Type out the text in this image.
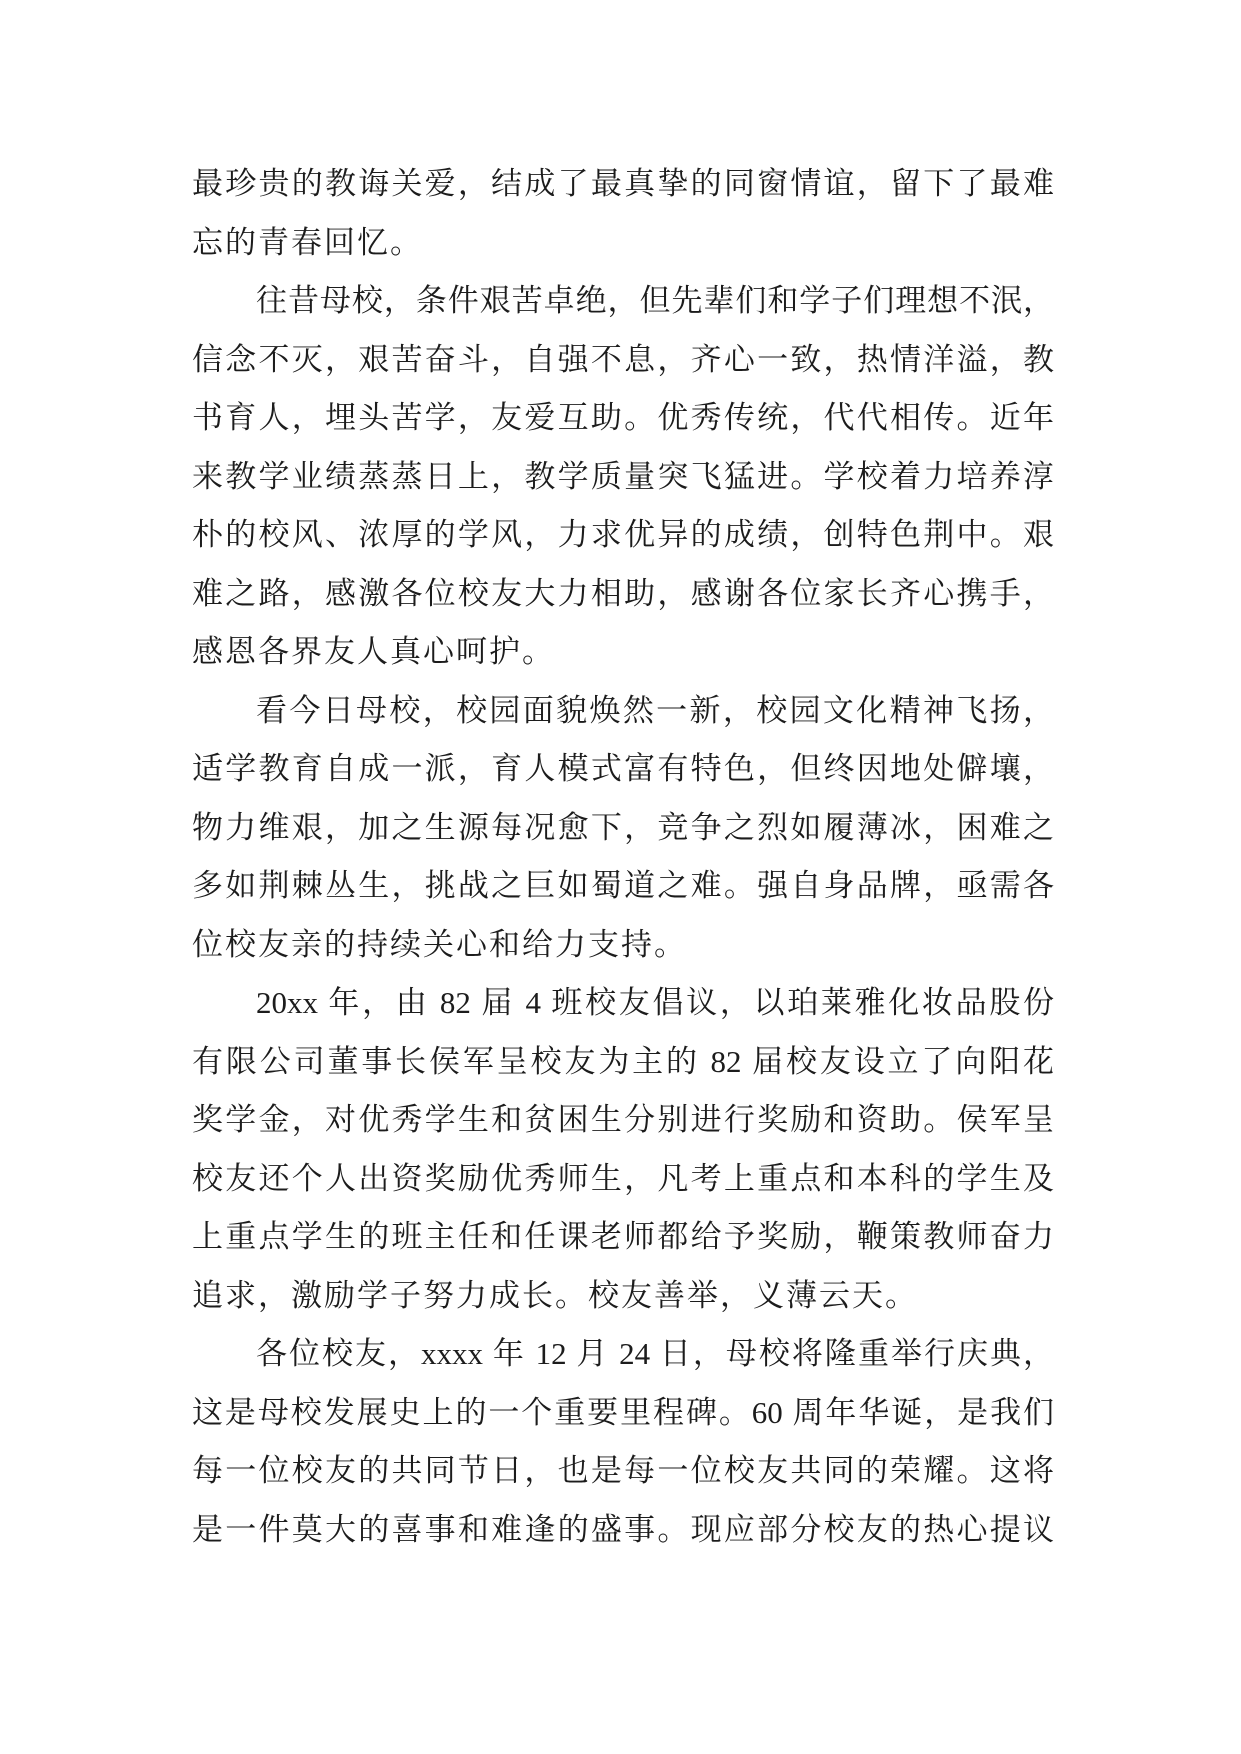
最珍贵的教诲关爱，结成了最真挚的同窗情谊，留下了最难
忘的青春回忆。
往昔母校，条件艰苦卓绝，但先辈们和学子们理想不泯，
信念不灭，艰苦奋斗，自强不息，齐心一致，热情洋溢，教
书育人，埋头苦学，友爱互助。优秀传统，代代相传。近年
来教学业绩蒸蒸日上，教学质量突飞猛进。学校着力培养淳
朴的校风、浓厚的学风，力求优异的成绩，创特色荆中。艰
难之路，感激各位校友大力相助，感谢各位家长齐心携手，
感恩各界友人真心呵护。
看今日母校，校园面貌焕然一新，校园文化精神飞扬，
适学教育自成一派，育人模式富有特色，但终因地处僻壤，
物力维艰，加之生源每况愈下，竞争之烈如履薄冰，困难之
多如荆棘丛生，挑战之巨如蜀道之难。强自身品牌，亟需各
位校友亲的持续关心和给力支持。
20xx 年，由 82 届 4 班校友倡议，以珀莱雅化妆品股份
有限公司董事长侯军呈校友为主的 82 届校友设立了向阳花
奖学金，对优秀学生和贫困生分别进行奖励和资助。侯军呈
校友还个人出资奖励优秀师生，凡考上重点和本科的学生及
上重点学生的班主任和任课老师都给予奖励，鞭策教师奋力
追求，激励学子努力成长。校友善举，义薄云天。
各位校友，xxxx 年 12 月 24 日，母校将隆重举行庆典，
这是母校发展史上的一个重要里程碑。60 周年华诞，是我们
每一位校友的共同节日，也是每一位校友共同的荣耀。这将
是一件莫大的喜事和难逢的盛事。现应部分校友的热心提议
